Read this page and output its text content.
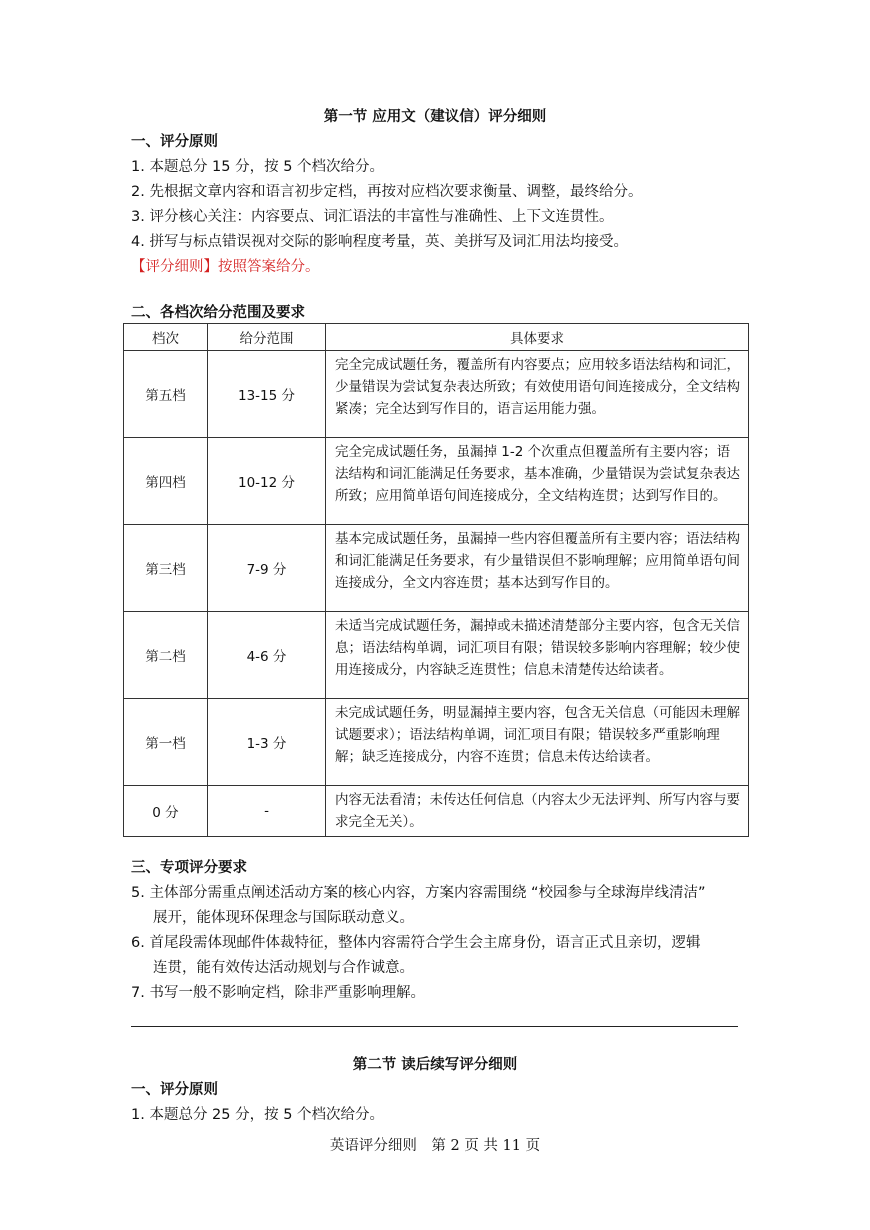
第一节 应用文（建议信）评分细则
一、评分原则
1. 本题总分 15 分，按 5 个档次给分。
2. 先根据文章内容和语言初步定档，再按对应档次要求衡量、调整，最终给分。
3. 评分核心关注：内容要点、词汇语法的丰富性与准确性、上下文连贯性。
4. 拼写与标点错误视对交际的影响程度考量，英、美拼写及词汇用法均接受。
【评分细则】按照答案给分。
二、各档次给分范围及要求
档次	给分范围	具体要求
第五档	13-15 分	完全完成试题任务，覆盖所有内容要点；应用较多语法结构和词汇，少量错误为尝试复杂表达所致；有效使用语句间连接成分，全文结构紧凑；完全达到写作目的，语言运用能力强。
第四档	10-12 分	完全完成试题任务，虽漏掉 1-2 个次重点但覆盖所有主要内容；语法结构和词汇能满足任务要求，基本准确，少量错误为尝试复杂表达所致；应用简单语句间连接成分，全文结构连贯；达到写作目的。
第三档	7-9 分	基本完成试题任务，虽漏掉一些内容但覆盖所有主要内容；语法结构和词汇能满足任务要求，有少量错误但不影响理解；应用简单语句间连接成分，全文内容连贯；基本达到写作目的。
第二档	4-6 分	未适当完成试题任务，漏掉或未描述清楚部分主要内容，包含无关信息；语法结构单调，词汇项目有限；错误较多影响内容理解；较少使用连接成分，内容缺乏连贯性；信息未清楚传达给读者。
第一档	1-3 分	未完成试题任务，明显漏掉主要内容，包含无关信息（可能因未理解试题要求）；语法结构单调，词汇项目有限；错误较多严重影响理解；缺乏连接成分，内容不连贯；信息未传达给读者。
0 分	-	内容无法看清；未传达任何信息（内容太少无法评判、所写内容与要求完全无关）。
三、专项评分要求
5. 主体部分需重点阐述活动方案的核心内容，方案内容需围绕 “校园参与全球海岸线清洁”
展开，能体现环保理念与国际联动意义。
6. 首尾段需体现邮件体裁特征，整体内容需符合学生会主席身份，语言正式且亲切，逻辑
连贯，能有效传达活动规划与合作诚意。
7. 书写一般不影响定档，除非严重影响理解。
第二节 读后续写评分细则
一、评分原则
1. 本题总分 25 分，按 5 个档次给分。
英语评分细则　第 2 页 共 11 页
